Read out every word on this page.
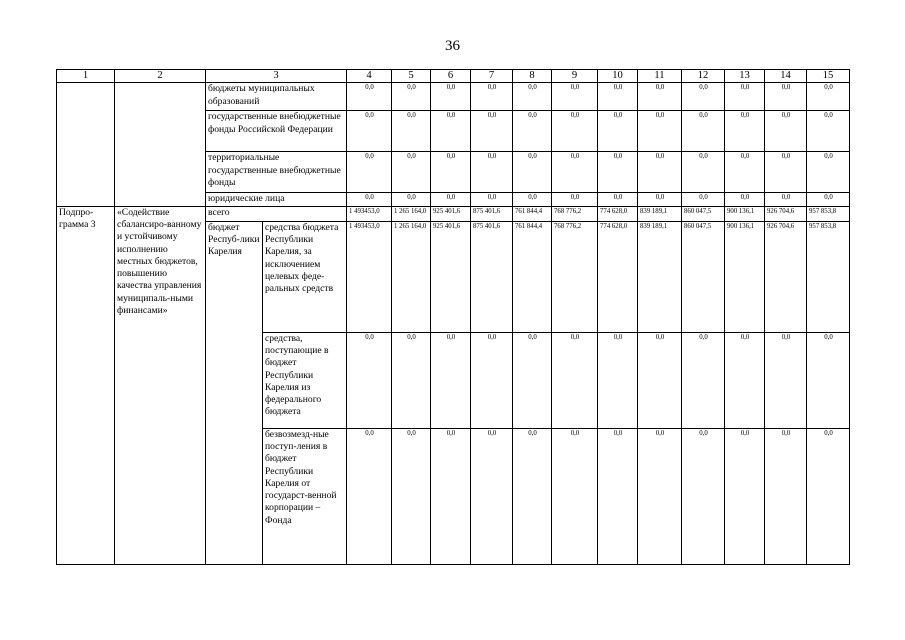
36
1	2	3		4	5	6	7	8	9	10	11	12	13	14	15
		бюджеты муниципальных образований		0,0	0,0	0,0	0,0	0,0	0,0	0,0	0,0	0,0	0,0	0,0	0,0
		государственные внебюджетные фонды Российской Федерации		0,0	0,0	0,0	0,0	0,0	0,0	0,0	0,0	0,0	0,0	0,0	0,0
		территориальные государственные внебюджетные фонды		0,0	0,0	0,0	0,0	0,0	0,0	0,0	0,0	0,0	0,0	0,0	0,0
		юридические лица		0,0	0,0	0,0	0,0	0,0	0,0	0,0	0,0	0,0	0,0	0,0	0,0
Подпро-грамма 3	«Содействие сбалансиро-ванному и устойчивому исполнению местных бюджетов, повышению качества управления муниципаль-ными финансами»	всего		1 493453,0	1 265 164,0	925 401,6	875 401,6	761 844,4	768 776,2	774 628,0	839 189,1	860 047,5	900 136,1	926 704,6	957 853,8
		бюджет Респуб-лики Карелия	средства бюджета Республики Карелия, за исключением целевых феде-ральных средств	1 493453,0	1 265 164,0	925 401,6	875 401,6	761 844,4	768 776,2	774 628,0	839 189,1	860 047,5	900 136,1	926 704,6	957 853,8
			средства, поступающие в бюджет Республики Карелия из федерального бюджета	0,0	0,0	0,0	0,0	0,0	0,0	0,0	0,0	0,0	0,0	0,0	0,0
			безвозмезд-ные поступ-ления в бюджет Республики Карелия от государст-венной корпорации – Фонда	0,0	0,0	0,0	0,0	0,0	0,0	0,0	0,0	0,0	0,0	0,0	0,0
